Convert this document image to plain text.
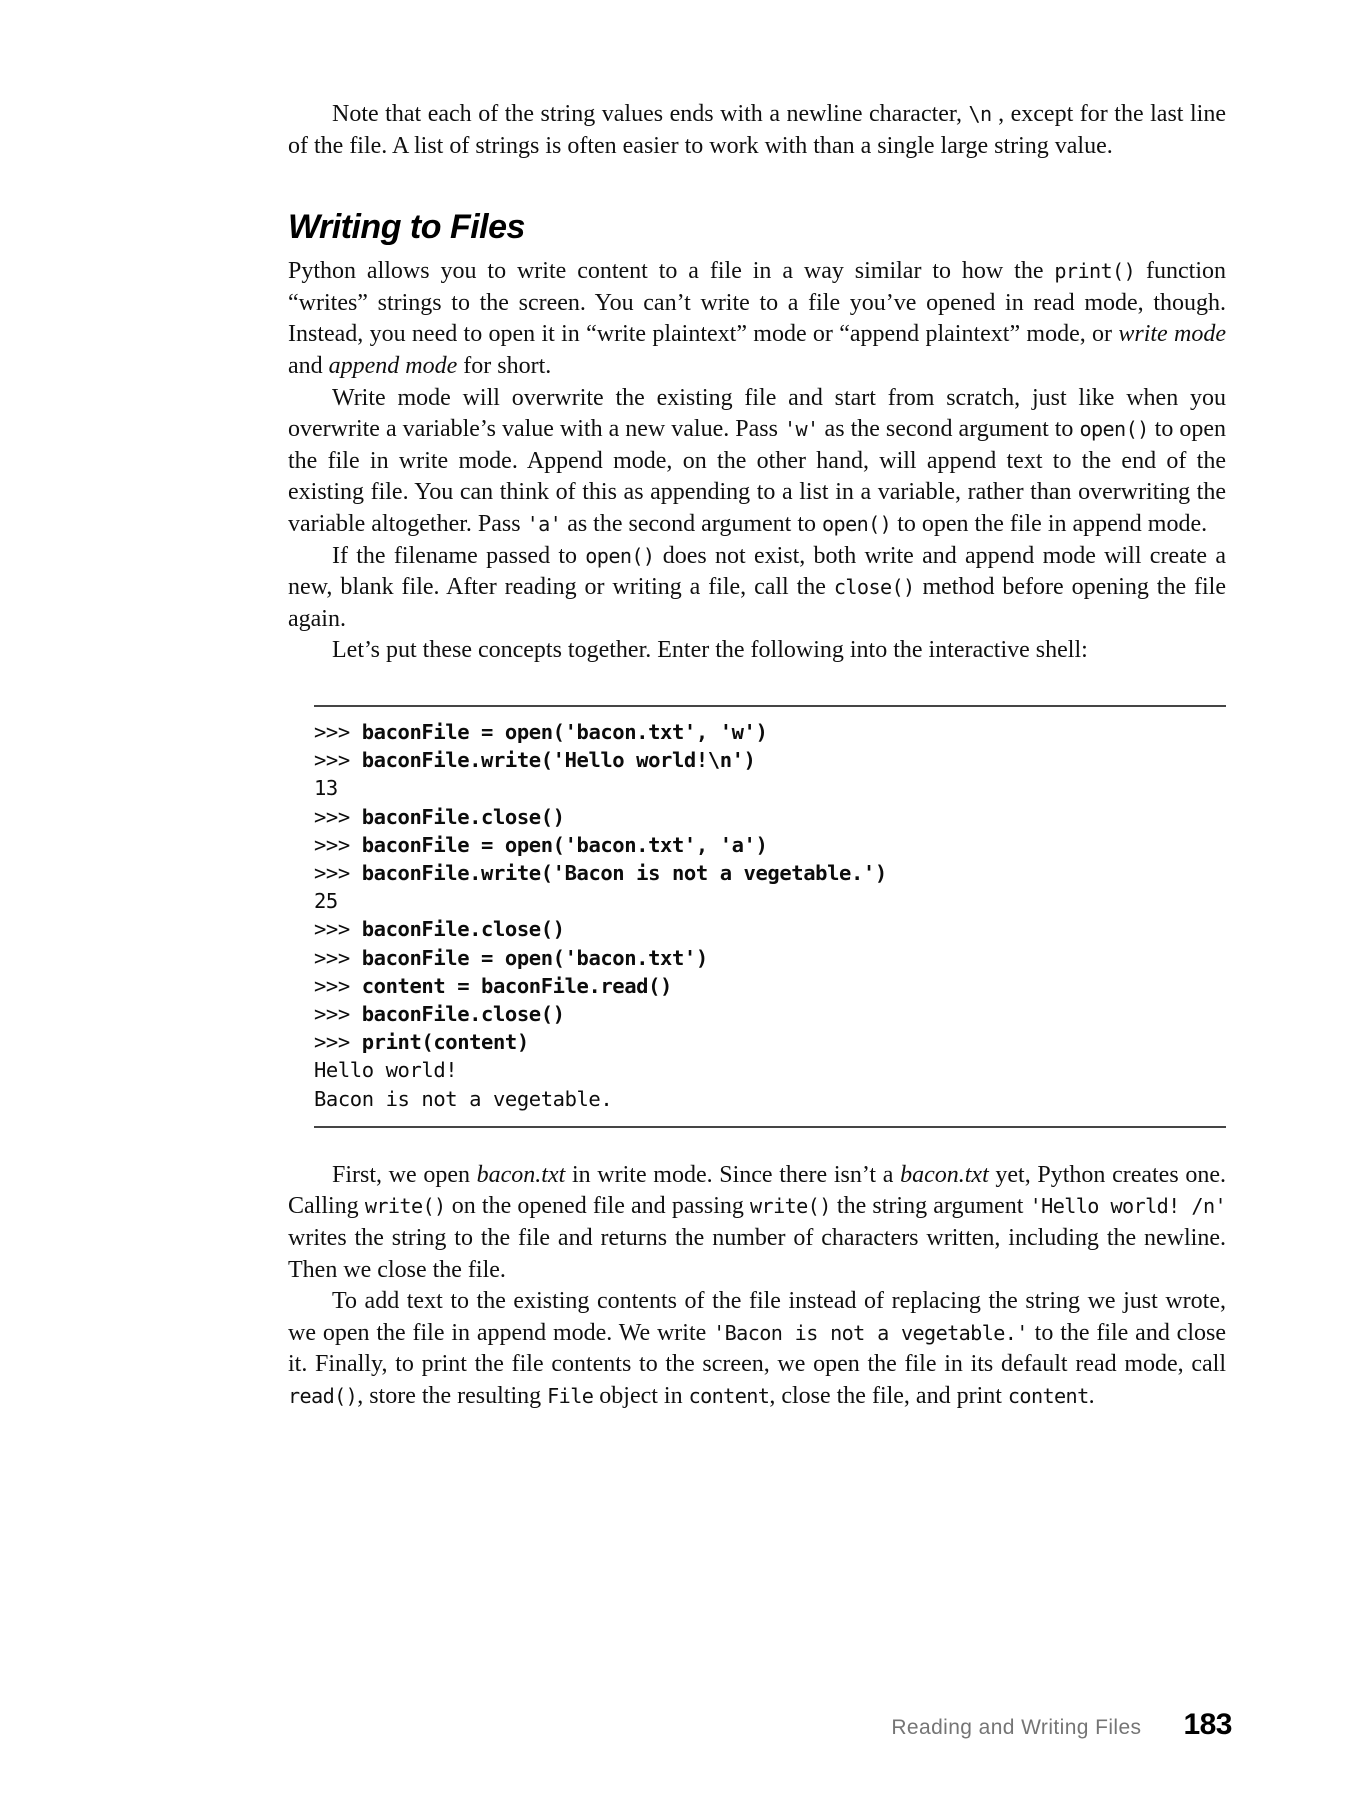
Note that each of the string values ends with a newline character, \n , except for the last line of the file. A list of strings is often easier to work with than a single large string value.

Writing to Files

Python allows you to write content to a file in a way similar to how the print() function “writes” strings to the screen. You can’t write to a file you’ve opened in read mode, though. Instead, you need to open it in “write plaintext” mode or “append plaintext” mode, or write mode and append mode for short.

Write mode will overwrite the existing file and start from scratch, just like when you overwrite a variable’s value with a new value. Pass 'w' as the second argument to open() to open the file in write mode. Append mode, on the other hand, will append text to the end of the existing file. You can think of this as appending to a list in a variable, rather than overwriting the variable altogether. Pass 'a' as the second argument to open() to open the file in append mode.

If the filename passed to open() does not exist, both write and append mode will create a new, blank file. After reading or writing a file, call the close() method before opening the file again.

Let’s put these concepts together. Enter the following into the interactive shell:

>>> baconFile = open('bacon.txt', 'w')
>>> baconFile.write('Hello world!\n')
13
>>> baconFile.close()
>>> baconFile = open('bacon.txt', 'a')
>>> baconFile.write('Bacon is not a vegetable.')
25
>>> baconFile.close()
>>> baconFile = open('bacon.txt')
>>> content = baconFile.read()
>>> baconFile.close()
>>> print(content)
Hello world!
Bacon is not a vegetable.

First, we open bacon.txt in write mode. Since there isn’t a bacon.txt yet, Python creates one. Calling write() on the opened file and passing write() the string argument 'Hello world! /n' writes the string to the file and returns the number of characters written, including the newline. Then we close the file.

To add text to the existing contents of the file instead of replacing the string we just wrote, we open the file in append mode. We write 'Bacon is not a vegetable.' to the file and close it. Finally, to print the file contents to the screen, we open the file in its default read mode, call read(), store the resulting File object in content, close the file, and print content.

Reading and Writing Files 183
